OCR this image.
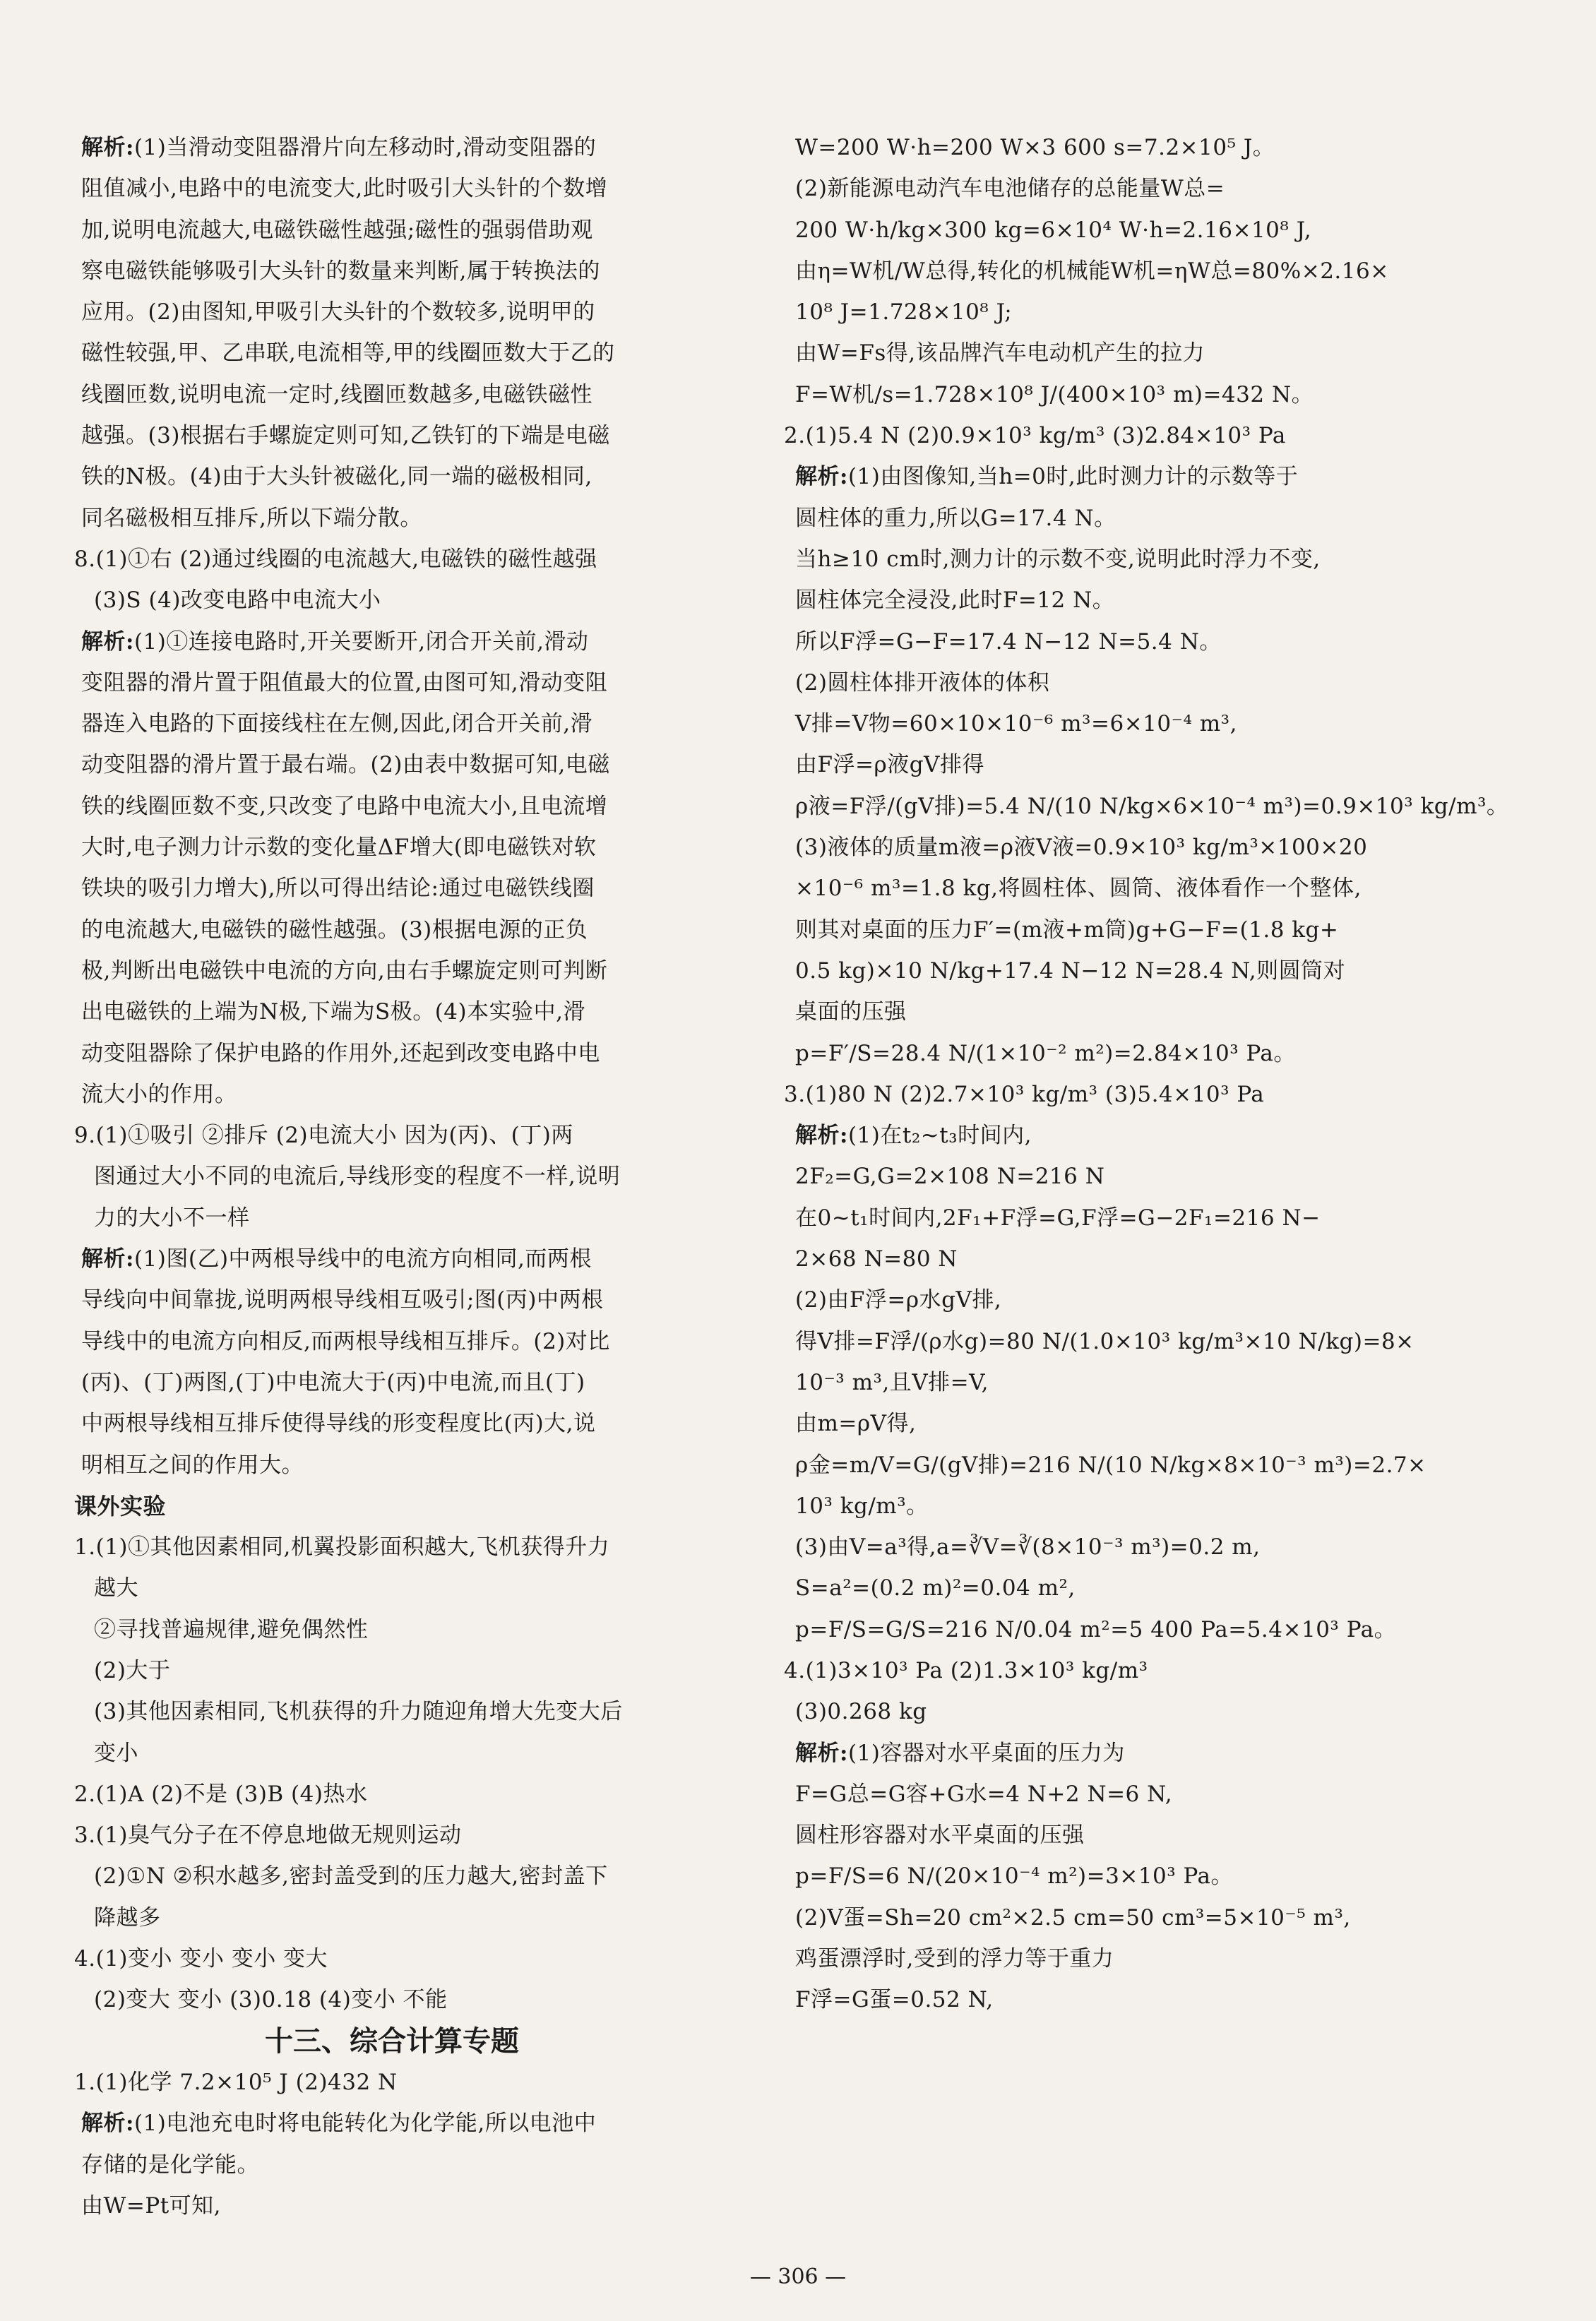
解析:(1)当滑动变阻器滑片向左移动时,滑动变阻器的
阻值减小,电路中的电流变大,此时吸引大头针的个数增
加,说明电流越大,电磁铁磁性越强;磁性的强弱借助观
察电磁铁能够吸引大头针的数量来判断,属于转换法的
应用。(2)由图知,甲吸引大头针的个数较多,说明甲的
磁性较强,甲、乙串联,电流相等,甲的线圈匝数大于乙的
线圈匝数,说明电流一定时,线圈匝数越多,电磁铁磁性
越强。(3)根据右手螺旋定则可知,乙铁钉的下端是电磁
铁的N极。(4)由于大头针被磁化,同一端的磁极相同,
同名磁极相互排斥,所以下端分散。
8.(1)①右 (2)通过线圈的电流越大,电磁铁的磁性越强
(3)S (4)改变电路中电流大小
解析:(1)①连接电路时,开关要断开,闭合开关前,滑动
变阻器的滑片置于阻值最大的位置,由图可知,滑动变阻
器连入电路的下面接线柱在左侧,因此,闭合开关前,滑
动变阻器的滑片置于最右端。(2)由表中数据可知,电磁
铁的线圈匝数不变,只改变了电路中电流大小,且电流增
大时,电子测力计示数的变化量ΔF增大(即电磁铁对软
铁块的吸引力增大),所以可得出结论:通过电磁铁线圈
的电流越大,电磁铁的磁性越强。(3)根据电源的正负
极,判断出电磁铁中电流的方向,由右手螺旋定则可判断
出电磁铁的上端为N极,下端为S极。(4)本实验中,滑
动变阻器除了保护电路的作用外,还起到改变电路中电
流大小的作用。
9.(1)①吸引 ②排斥 (2)电流大小 因为(丙)、(丁)两
图通过大小不同的电流后,导线形变的程度不一样,说明
力的大小不一样
解析:(1)图(乙)中两根导线中的电流方向相同,而两根
导线向中间靠拢,说明两根导线相互吸引;图(丙)中两根
导线中的电流方向相反,而两根导线相互排斥。(2)对比
(丙)、(丁)两图,(丁)中电流大于(丙)中电流,而且(丁)
中两根导线相互排斥使得导线的形变程度比(丙)大,说
明相互之间的作用大。
课外实验
1.(1)①其他因素相同,机翼投影面积越大,飞机获得升力
越大
②寻找普遍规律,避免偶然性
(2)大于
(3)其他因素相同,飞机获得的升力随迎角增大先变大后
变小
2.(1)A (2)不是 (3)B (4)热水
3.(1)臭气分子在不停息地做无规则运动
(2)①N ②积水越多,密封盖受到的压力越大,密封盖下
降越多
4.(1)变小 变小 变小 变大
(2)变大 变小 (3)0.18 (4)变小 不能
十三、综合计算专题
1.(1)化学 7.2×10⁵ J (2)432 N
解析:(1)电池充电时将电能转化为化学能,所以电池中
存储的是化学能。
由W=Pt可知,
W=200 W·h=200 W×3 600 s=7.2×10⁵ J。
(2)新能源电动汽车电池储存的总能量W总=
200 W·h/kg×300 kg=6×10⁴ W·h=2.16×10⁸ J,
由η=W机/W总得,转化的机械能W机=ηW总=80%×2.16×
10⁸ J=1.728×10⁸ J;
由W=Fs得,该品牌汽车电动机产生的拉力
F=W机/s=1.728×10⁸ J/(400×10³ m)=432 N。
2.(1)5.4 N (2)0.9×10³ kg/m³ (3)2.84×10³ Pa
解析:(1)由图像知,当h=0时,此时测力计的示数等于
圆柱体的重力,所以G=17.4 N。
当h≥10 cm时,测力计的示数不变,说明此时浮力不变,
圆柱体完全浸没,此时F=12 N。
所以F浮=G−F=17.4 N−12 N=5.4 N。
(2)圆柱体排开液体的体积
V排=V物=60×10×10⁻⁶ m³=6×10⁻⁴ m³,
由F浮=ρ液gV排得
ρ液=F浮/(gV排)=5.4 N/(10 N/kg×6×10⁻⁴ m³)=0.9×10³ kg/m³。
(3)液体的质量m液=ρ液V液=0.9×10³ kg/m³×100×20
×10⁻⁶ m³=1.8 kg,将圆柱体、圆筒、液体看作一个整体,
则其对桌面的压力F′=(m液+m筒)g+G−F=(1.8 kg+
0.5 kg)×10 N/kg+17.4 N−12 N=28.4 N,则圆筒对
桌面的压强
p=F′/S=28.4 N/(1×10⁻² m²)=2.84×10³ Pa。
3.(1)80 N (2)2.7×10³ kg/m³ (3)5.4×10³ Pa
解析:(1)在t₂~t₃时间内,
2F₂=G,G=2×108 N=216 N
在0~t₁时间内,2F₁+F浮=G,F浮=G−2F₁=216 N−
2×68 N=80 N
(2)由F浮=ρ水gV排,
得V排=F浮/(ρ水g)=80 N/(1.0×10³ kg/m³×10 N/kg)=8×
10⁻³ m³,且V排=V,
由m=ρV得,
ρ金=m/V=G/(gV排)=216 N/(10 N/kg×8×10⁻³ m³)=2.7×
10³ kg/m³。
(3)由V=a³得,a=∛V=∛(8×10⁻³ m³)=0.2 m,
S=a²=(0.2 m)²=0.04 m²,
p=F/S=G/S=216 N/0.04 m²=5 400 Pa=5.4×10³ Pa。
4.(1)3×10³ Pa (2)1.3×10³ kg/m³
(3)0.268 kg
解析:(1)容器对水平桌面的压力为
F=G总=G容+G水=4 N+2 N=6 N,
圆柱形容器对水平桌面的压强
p=F/S=6 N/(20×10⁻⁴ m²)=3×10³ Pa。
(2)V蛋=Sh=20 cm²×2.5 cm=50 cm³=5×10⁻⁵ m³,
鸡蛋漂浮时,受到的浮力等于重力
F浮=G蛋=0.52 N,
— 306 —
